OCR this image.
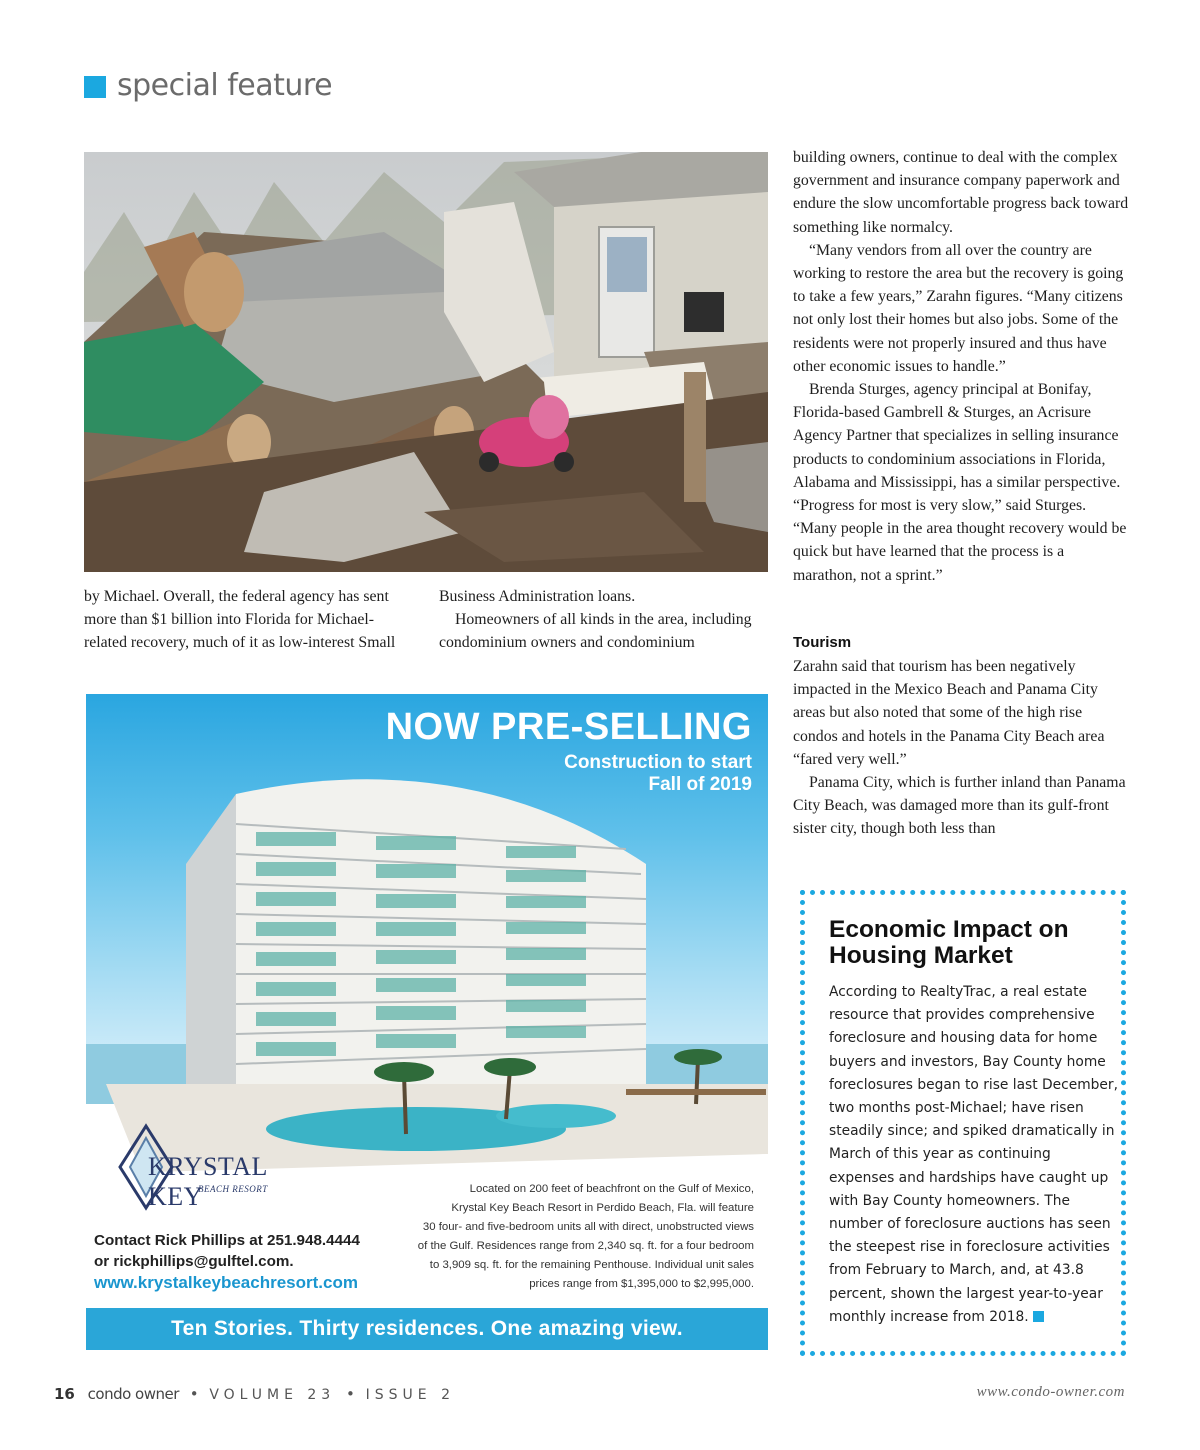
special feature

by Michael. Overall, the federal agency has sent more than $1 billion into Florida for Michael-related recovery, much of it as low-interest Small

Business Administration loans.

Homeowners of all kinds in the area, including condominium owners and condominium

building owners, continue to deal with the complex government and insurance company paperwork and endure the slow uncomfortable progress back toward something like normalcy.

“Many vendors from all over the country are working to restore the area but the recovery is going to take a few years,” Zarahn figures. “Many citizens not only lost their homes but also jobs. Some of the residents were not properly insured and thus have other economic issues to handle.”

Brenda Sturges, agency principal at Bonifay, Florida-based Gambrell & Sturges, an Acrisure Agency Partner that specializes in selling insurance products to condominium associations in Florida, Alabama and Mississippi, has a similar perspective. “Progress for most is very slow,” said Sturges. “Many people in the area thought recovery would be quick but have learned that the process is a marathon, not a sprint.”

Tourism

Zarahn said that tourism has been negatively impacted in the Mexico Beach and Panama City areas but also noted that some of the high rise condos and hotels in the Panama City Beach area “fared very well.”

Panama City, which is further inland than Panama City Beach, was damaged more than its gulf-front sister city, though both less than

NOW PRE-SELLING
Construction to start
Fall of 2019
KRYSTAL KEY
BEACH RESORT	Located on 200 feet of beachfront on the Gulf of Mexico,
Krystal Key Beach Resort in Perdido Beach, Fla. will feature
30 four- and five-bedroom units all with direct, unobstructed views
of the Gulf. Residences range from 2,340 sq. ft. for a four bedroom
to 3,909 sq. ft. for the remaining Penthouse. Individual unit sales
prices range from $1,395,000 to $2,995,000.
Contact Rick Phillips at 251.948.4444
or rickphillips@gulftel.com.
www.krystalkeybeachresort.com
Ten Stories. Thirty residences. One amazing view.
Economic Impact on Housing Market
According to RealtyTrac, a real estate resource that provides comprehensive foreclosure and housing data for home buyers and investors, Bay County home foreclosures began to rise last December, two months post-Michael; have risen steadily since; and spiked dramatically in March of this year as continuing expenses and hardships have caught up with Bay County homeowners. The number of foreclosure auctions has seen the steepest rise in foreclosure activities from February to March, and, at 43.8 percent, shown the largest year-to-year monthly increase from 2018.
16 condo owner • VOLUME 23 • ISSUE 2	www.condo-owner.com
